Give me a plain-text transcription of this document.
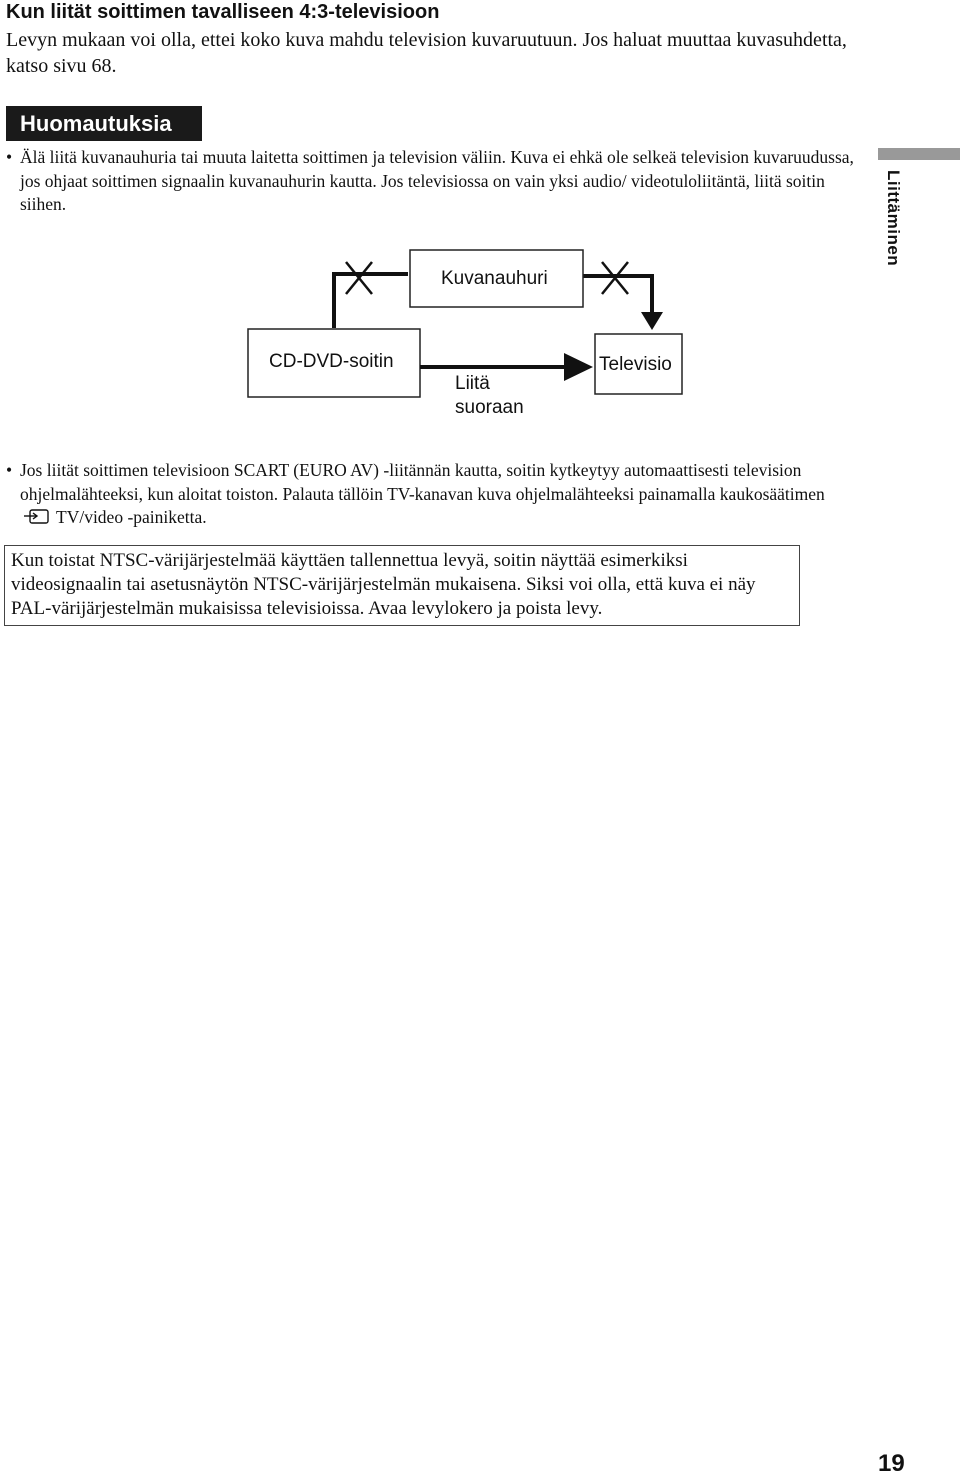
Kun liität soittimen tavalliseen 4:3-televisioon

Levyn mukaan voi olla, ettei koko kuva mahdu television kuvaruutuun. Jos haluat muuttaa kuvasuhdetta, katso sivu 68.

Huomautuksia

• Älä liitä kuvanauhuria tai muuta laitetta soittimen ja television väliin. Kuva ei ehkä ole selkeä television kuvaruudussa, jos ohjaat soittimen signaalin kuvanauhurin kautta. Jos televisiossa on vain yksi audio/ videotuloliitäntä, liitä soitin siihen.

Kuvanauhuri
CD-DVD-soitin	Televisio
Liitä
suoraan

• Jos liität soittimen televisioon SCART (EURO AV) -liitännän kautta, soitin kytkeytyy automaattisesti television ohjelmalähteeksi, kun aloitat toiston. Palauta tällöin TV-kanavan kuva ohjelmalähteeksi painamalla kaukosäätimenTV/video -painiketta.

Kun toistat NTSC-värijärjestelmää käyttäen tallennettua levyä, soitin näyttää esimerkiksi videosignaalin tai asetusnäytön NTSC-värijärjestelmän mukaisena. Siksi voi olla, että kuva ei näy PAL-värijärjestelmän mukaisissa televisioissa. Avaa levylokero ja poista levy.
Liittäminen
19
